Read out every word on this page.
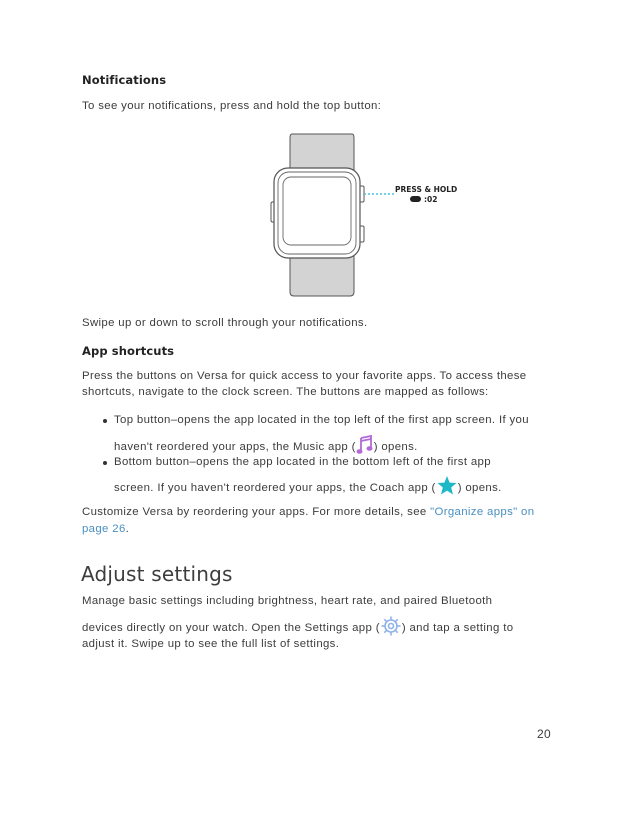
Notifications
To see your notifications, press and hold the top button:
PRESS & HOLD
:02
Swipe up or down to scroll through your notifications.
App shortcuts
Press the buttons on Versa for quick access to your favorite apps. To access these
shortcuts, navigate to the clock screen. The buttons are mapped as follows:
Top button–opens the app located in the top left of the first app screen. If you
haven't reordered your apps, the Music app ( ) opens.
Bottom button–opens the app located in the bottom left of the first app
screen. If you haven't reordered your apps, the Coach app ( ) opens.
Customize Versa by reordering your apps. For more details, see "Organize apps" on
page 26.
Adjust settings
Manage basic settings including brightness, heart rate, and paired Bluetooth
devices directly on your watch. Open the Settings app ( ) and tap a setting to
adjust it. Swipe up to see the full list of settings.
20
